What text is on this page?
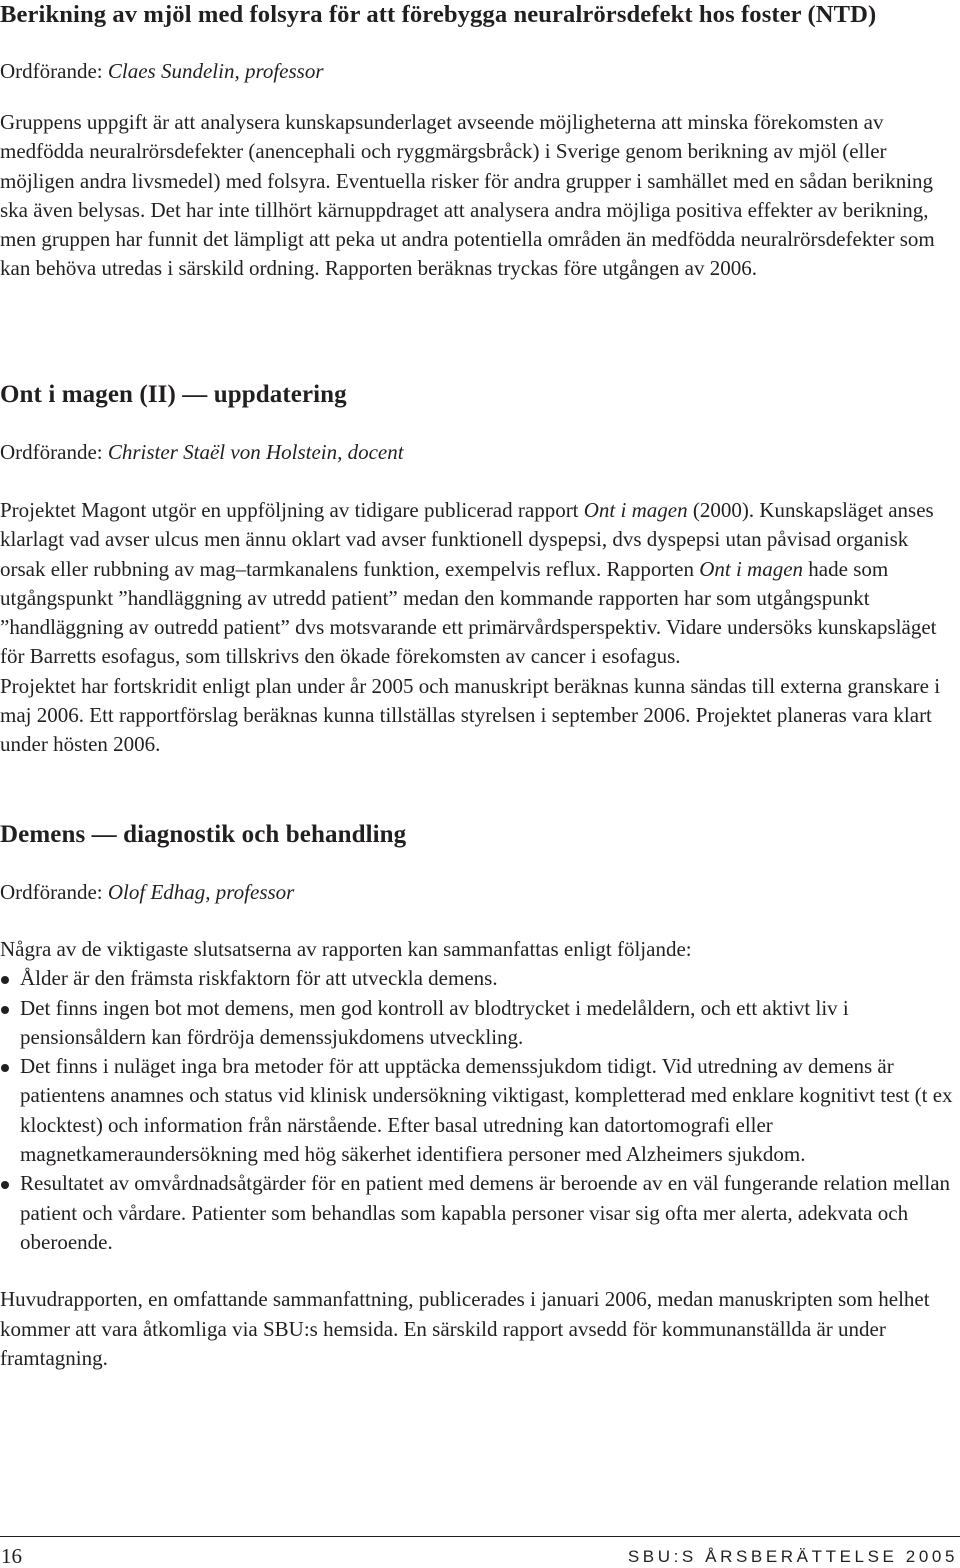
Berikning av mjöl med folsyra för att förebygga neuralrörsdefekt hos foster (NTD)

Ordförande: Claes Sundelin, professor

Gruppens uppgift är att analysera kunskapsunderlaget avseende möjligheterna att minska förekomsten av medfödda neuralrörsdefekter (anencephali och ryggmärgsbråck) i Sverige genom berikning av mjöl (eller möjligen andra livsmedel) med folsyra. Eventuella risker för andra grupper i samhället med en sådan berikning ska även belysas. Det har inte tillhört kärnuppdraget att analysera andra möjliga positiva effekter av berikning, men gruppen har funnit det lämpligt att peka ut andra potentiella områden än medfödda neuralrörsdefekter som kan behöva utredas i särskild ordning. Rapporten beräknas tryckas före utgången av 2006.

Ont i magen (II) — uppdatering

Ordförande: Christer Staël von Holstein, docent

Projektet Magont utgör en uppföljning av tidigare publicerad rapport Ont i magen (2000). Kunskapsläget anses klarlagt vad avser ulcus men ännu oklart vad avser funktionell dyspepsi, dvs dyspepsi utan påvisad organisk orsak eller rubbning av mag–tarmkanalens funktion, exempelvis reflux. Rapporten Ont i magen hade som utgångspunkt ”handläggning av utredd patient” medan den kommande rapporten har som utgångspunkt ”handläggning av outredd patient” dvs motsvarande ett primärvårdsperspektiv. Vidare undersöks kunskapsläget för Barretts esofagus, som tillskrivs den ökade förekomsten av cancer i esofagus.

Projektet har fortskridit enligt plan under år 2005 och manuskript beräknas kunna sändas till externa granskare i maj 2006. Ett rapportförslag beräknas kunna tillställas styrelsen i september 2006. Projektet planeras vara klart under hösten 2006.

Demens — diagnostik och behandling

Ordförande: Olof Edhag, professor

Några av de viktigaste slutsatserna av rapporten kan sammanfattas enligt följande:

Ålder är den främsta riskfaktorn för att utveckla demens.
Det finns ingen bot mot demens, men god kontroll av blodtrycket i medelåldern, och ett aktivt liv i pensionsåldern kan fördröja demenssjukdomens utveckling.
Det finns i nuläget inga bra metoder för att upptäcka demenssjukdom tidigt. Vid utredning av demens är patientens anamnes och status vid klinisk undersökning viktigast, kompletterad med enklare kognitivt test (t ex klocktest) och information från närstående. Efter basal utredning kan datortomografi eller magnetkameraundersökning med hög säkerhet identifiera personer med Alzheimers sjukdom.
Resultatet av omvårdnadsåtgärder för en patient med demens är beroende av en väl fungerande relation mellan patient och vårdare. Patienter som behandlas som kapabla personer visar sig ofta mer alerta, adekvata och oberoende.

Huvudrapporten, en omfattande sammanfattning, publicerades i januari 2006, medan manuskripten som helhet kommer att vara åtkomliga via SBU:s hemsida. En särskild rapport avsedd för kommunanställda är under framtagning.

16	SBU:S ÅRSBERÄTTELSE 2005
